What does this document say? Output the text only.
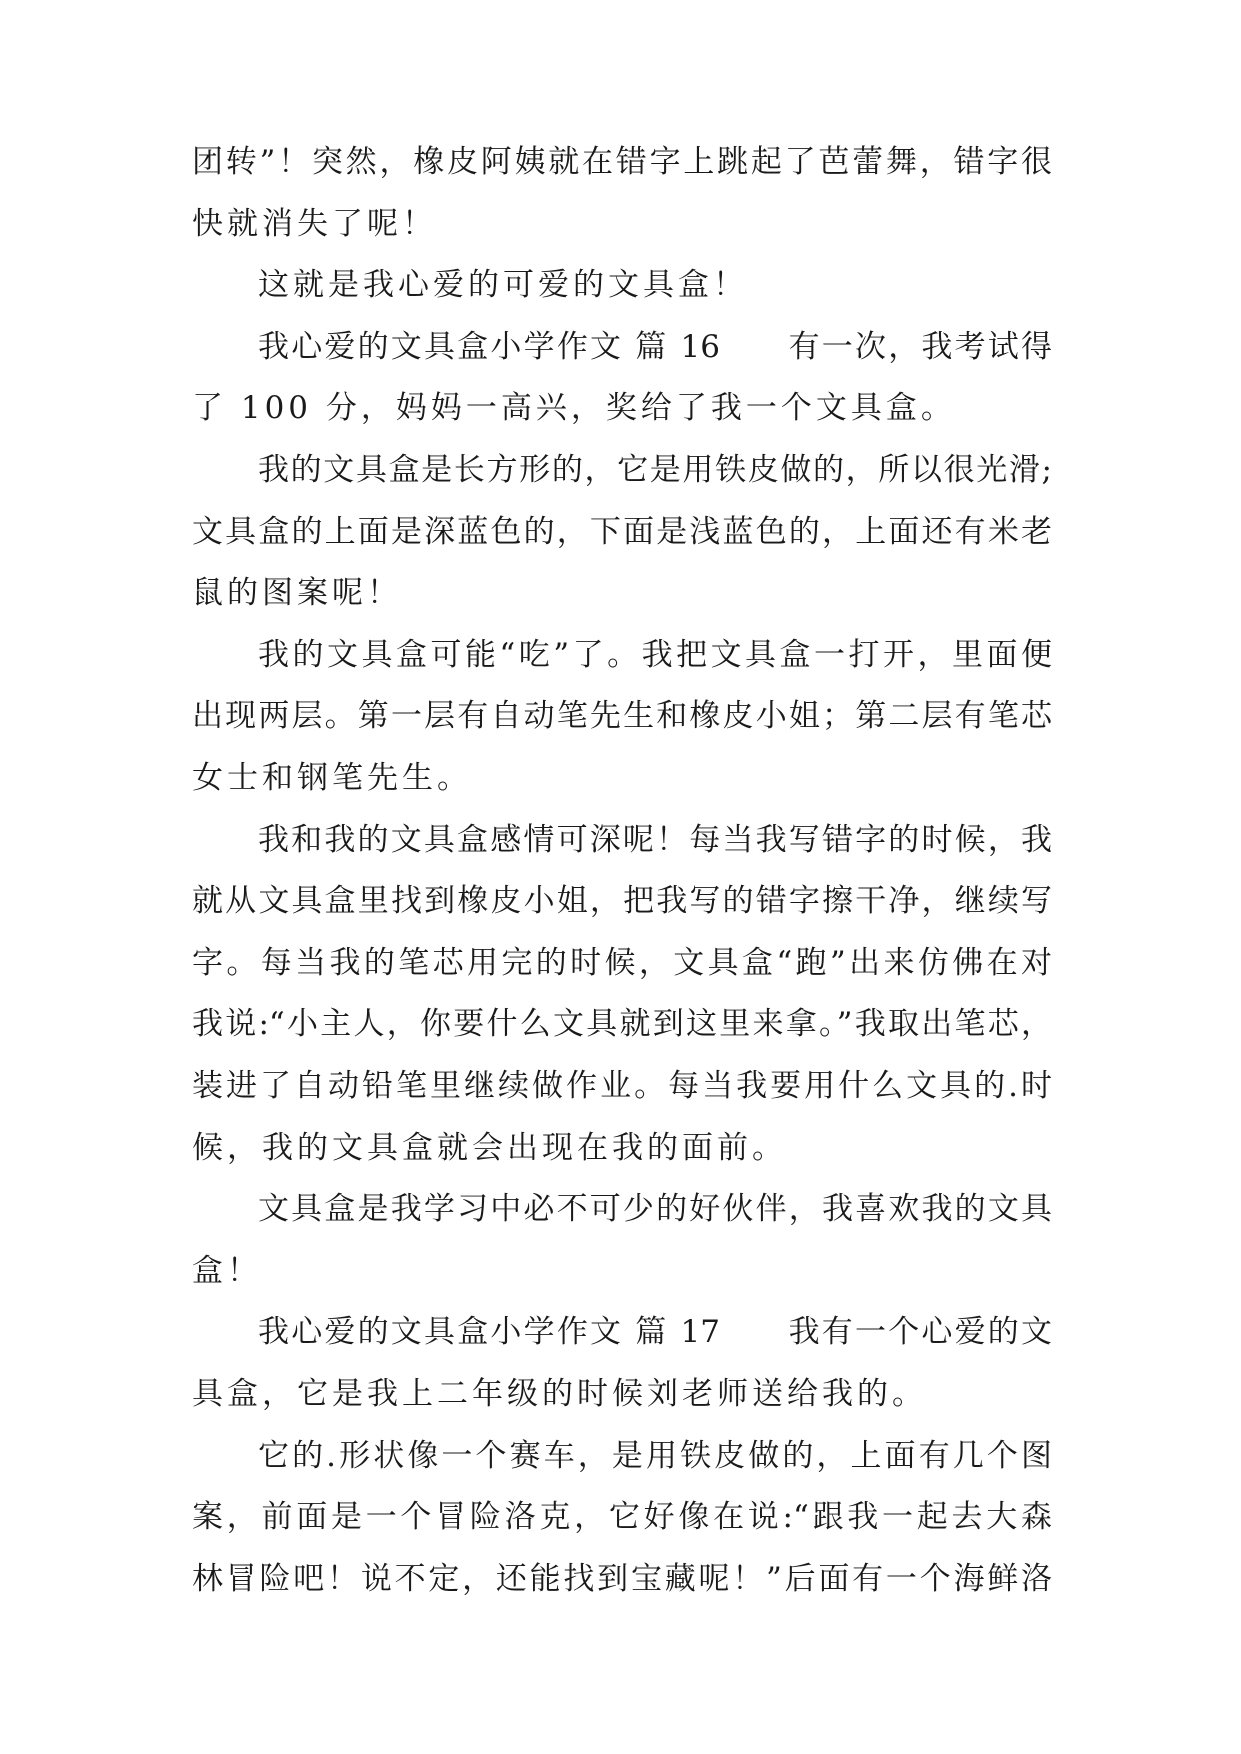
团转”！突然，橡皮阿姨就在错字上跳起了芭蕾舞，错字很
快就消失了呢！
这就是我心爱的可爱的文具盒！
我心爱的文具盒小学作文 篇 16　　有一次，我考试得
了 100 分，妈妈一高兴，奖给了我一个文具盒。
我的文具盒是长方形的，它是用铁皮做的，所以很光滑;
文具盒的上面是深蓝色的，下面是浅蓝色的，上面还有米老
鼠的图案呢！
我的文具盒可能“吃”了。我把文具盒一打开，里面便
出现两层。第一层有自动笔先生和橡皮小姐；第二层有笔芯
女士和钢笔先生。
我和我的文具盒感情可深呢！每当我写错字的时候，我
就从文具盒里找到橡皮小姐，把我写的错字擦干净，继续写
字。每当我的笔芯用完的时候，文具盒“跑”出来仿佛在对
我说:“小主人，你要什么文具就到这里来拿。”我取出笔芯，
装进了自动铅笔里继续做作业。每当我要用什么文具的.时
候，我的文具盒就会出现在我的面前。
文具盒是我学习中必不可少的好伙伴，我喜欢我的文具
盒！
我心爱的文具盒小学作文 篇 17　　我有一个心爱的文
具盒，它是我上二年级的时候刘老师送给我的。
它的.形状像一个赛车，是用铁皮做的，上面有几个图
案，前面是一个冒险洛克，它好像在说:“跟我一起去大森
林冒险吧！说不定，还能找到宝藏呢！”后面有一个海鲜洛
